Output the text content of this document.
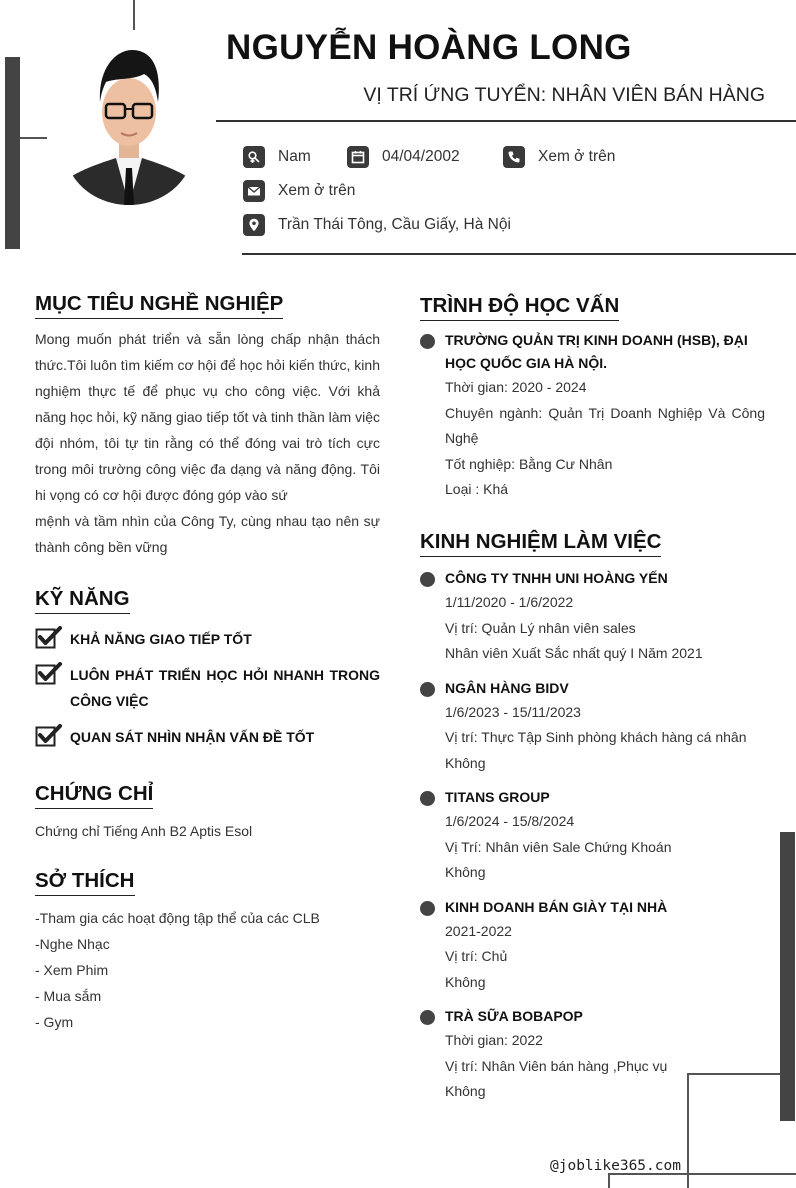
NGUYỄN HOÀNG LONG
VỊ TRÍ ỨNG TUYỂN: NHÂN VIÊN BÁN HÀNG
Nam	04/04/2002	Xem ở trên
Xem ở trên
Trần Thái Tông, Cầu Giấy, Hà Nội
MỤC TIÊU NGHỀ NGHIỆP
Mong muốn phát triển và sẵn lòng chấp nhận thách thức.Tôi luôn tìm kiếm cơ hội để học hỏi kiến thức, kinh nghiệm thực tế để phục vụ cho công việc. Với khả năng học hỏi, kỹ năng giao tiếp tốt và tinh thần làm việc đội nhóm, tôi tự tin rằng có thể đóng vai trò tích cực trong môi trường công việc đa dạng và năng động. Tôi hi vọng có cơ hội được đóng góp vào sứ
mệnh và tầm nhìn của Công Ty, cùng nhau tạo nên sự thành công bền vững
KỸ NĂNG
KHẢ NĂNG GIAO TIẾP TỐT
LUÔN PHÁT TRIỂN HỌC HỎI NHANH TRONG CÔNG VIỆC
QUAN SÁT NHÌN NHẬN VẤN ĐỀ TỐT
CHỨNG CHỈ
Chứng chỉ Tiếng Anh B2 Aptis Esol
SỞ THÍCH
-Tham gia các hoạt động tập thể của các CLB
-Nghe Nhạc
- Xem Phim
- Mua sắm
- Gym
TRÌNH ĐỘ HỌC VẤN
TRƯỜNG QUẢN TRỊ KINH DOANH (HSB), ĐẠI HỌC QUỐC GIA HÀ NỘI.
Thời gian: 2020 - 2024
Chuyên ngành: Quản Trị Doanh Nghiệp Và Công Nghệ
Tốt nghiệp: Bằng Cư Nhân
Loại : Khá
KINH NGHIỆM LÀM VIỆC
CÔNG TY TNHH UNI HOÀNG YẾN
1/11/2020 - 1/6/2022
Vị trí: Quản Lý nhân viên sales
Nhân viên Xuất Sắc nhất quý I Năm 2021
NGÂN HÀNG BIDV
1/6/2023 - 15/11/2023
Vị trí: Thực Tập Sinh phòng khách hàng cá nhân
Không
TITANS GROUP
1/6/2024 - 15/8/2024
Vị Trí: Nhân viên Sale Chứng Khoán
Không
KINH DOANH BÁN GIÀY TẠI NHÀ
2021-2022
Vị trí: Chủ
Không
TRÀ SỮA BOBAPOP
Thời gian: 2022
Vị trí: Nhân Viên bán hàng ,Phục vụ
Không
@joblike365.com
